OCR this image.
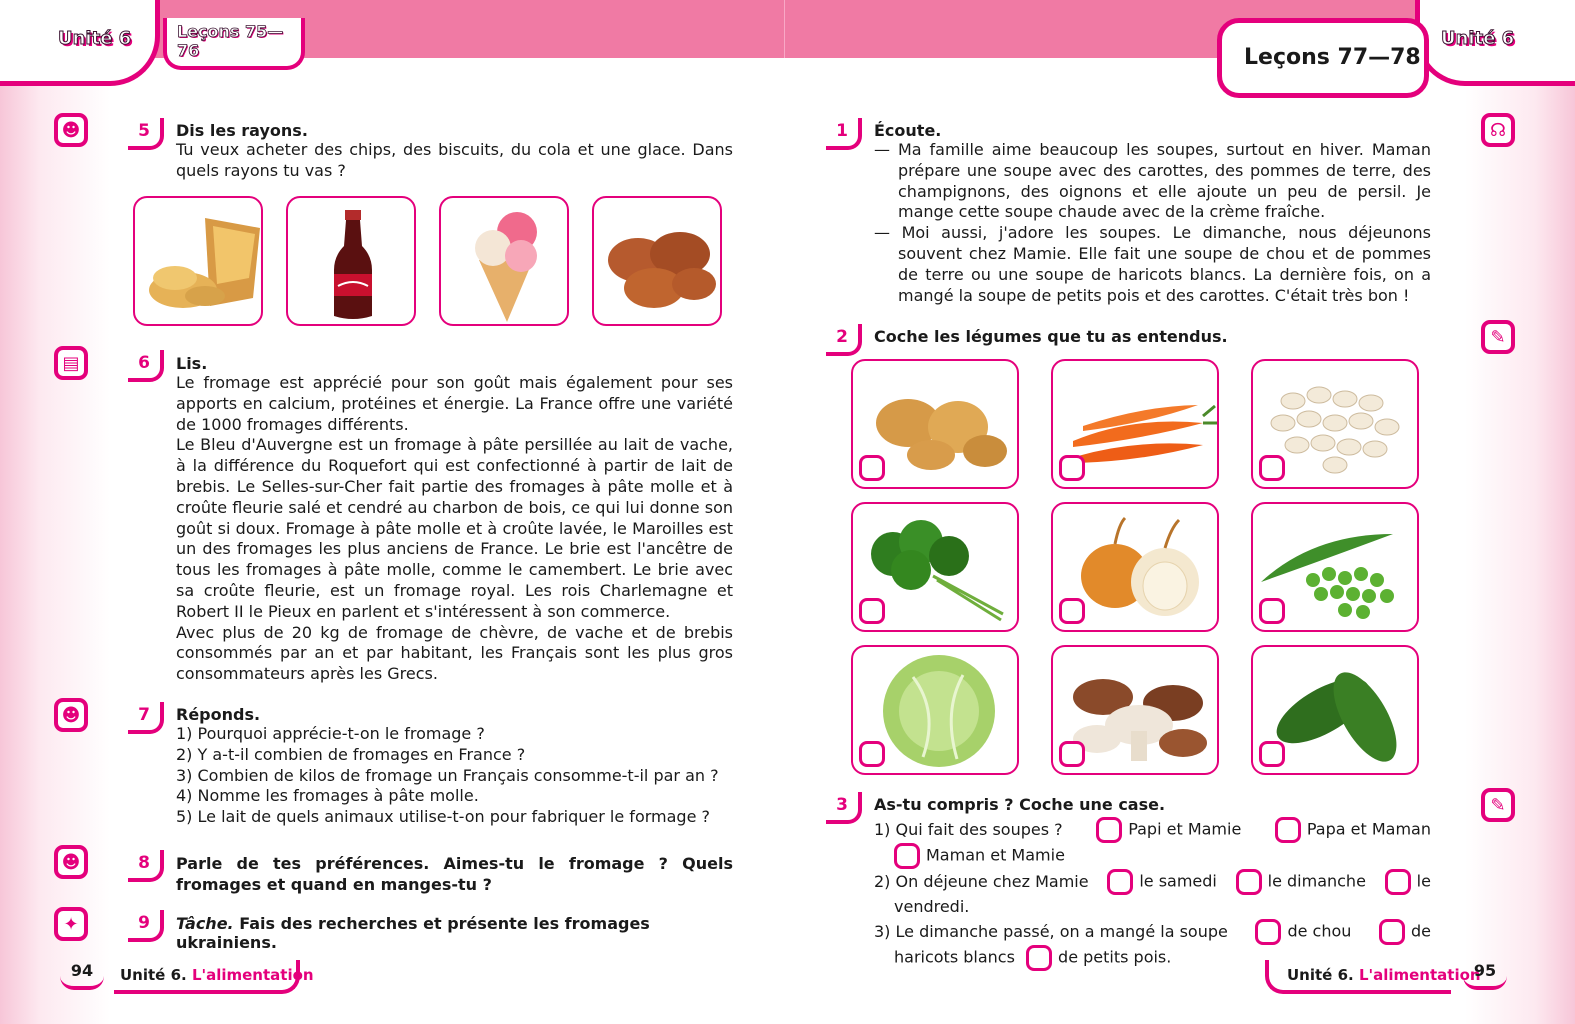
Unité 6	Leçons 75—76
☻	5	Dis les rayons.
Tu veux acheter des chips, des biscuits, du cola et une glace. Dans quels rayons tu vas ?
▤	6	Lis.
Le fromage est apprécié pour son goût mais également pour ses apports en calcium, protéines et énergie. La France offre une variété de 1000 fromages différents.
Le Bleu d'Auvergne est un fromage à pâte persillée au lait de vache, à la différence du Roquefort qui est confectionné à partir de lait de brebis. Le Selles-sur-Cher fait partie des fromages à pâte molle et à croûte fleurie salé et cendré au charbon de bois, ce qui lui donne son goût si doux. Fromage à pâte molle et à croûte lavée, le Maroilles est un des fromages les plus anciens de France. Le brie est l'ancêtre de tous les fromages à pâte molle, comme le camembert. Le brie avec sa croûte fleurie, est un fromage royal. Les rois Charlemagne et Robert II le Pieux en parlent et s'intéressent à son commerce.
Avec plus de 20 kg de fromage de chèvre, de vache et de brebis consommés par an et par habitant, les Français sont les plus gros consommateurs après les Grecs.
☻	7	Réponds.
1) Pourquoi apprécie-t-on le fromage ?
2) Y a-t-il combien de fromages en France ?
3) Combien de kilos de fromage un Français consomme-t-il par an ?
4) Nomme les fromages à pâte molle.
5) Le lait de quels animaux utilise-t-on pour fabriquer le formage ?
☻	8	Parle de tes préférences. Aimes-tu le fromage ? Quels fromages et quand en manges-tu ?
✦	9	Tâche. Fais des recherches et présente les fromages ukrainiens.
94	Unité 6. L'alimentation
Unité 6
Leçons 77—78
☊
1	Écoute.
— Ma famille aime beaucoup les soupes, surtout en hiver. Maman prépare une soupe avec des carottes, des pommes de terre, des champignons, des oignons et elle ajoute un peu de persil. Je mange cette soupe chaude avec de la crème fraîche.
— Moi aussi, j'adore les soupes. Le dimanche, nous déjeunons souvent chez Mamie. Elle fait une soupe de chou et de pommes de terre ou une soupe de haricots blancs. La dernière fois, on a mangé la soupe de petits pois et des carottes. C'était très bon !
✎
2	Coche les légumes que tu as entendus.
✎
3	As-tu compris ? Coche une case.
1) Qui fait des soupes ?	Papi et Mamie	Papa et Maman
Maman et Mamie
2) On déjeune chez Mamie	le samedi	le dimanche	le
vendredi.
3) Le dimanche passé, on a mangé la soupe	de chou	de
haricots blancs	de petits pois.
Unité 6. L'alimentation
95
